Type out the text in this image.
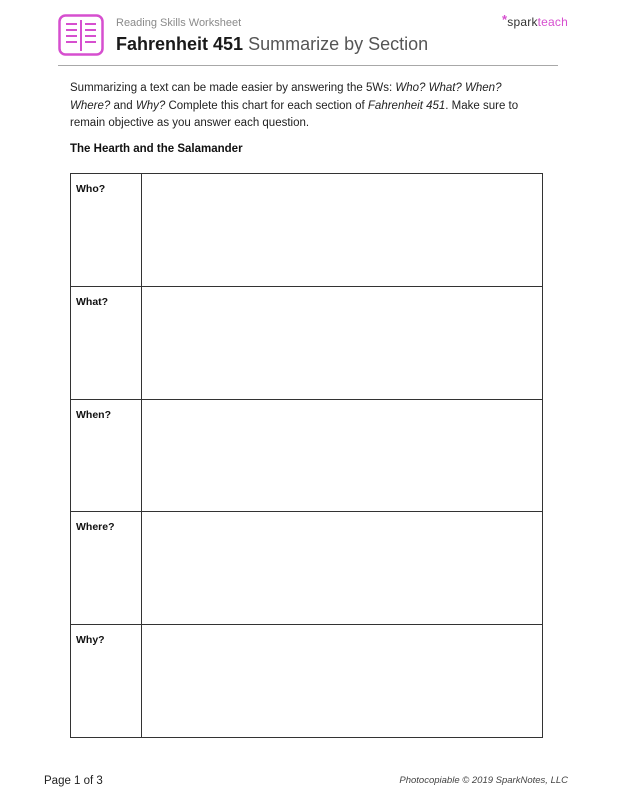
Reading Skills Worksheet
Fahrenheit 451 Summarize by Section
*sparkteach
Summarizing a text can be made easier by answering the 5Ws: Who? What? When? Where? and Why? Complete this chart for each section of Fahrenheit 451. Make sure to remain objective as you answer each question.
The Hearth and the Salamander
Who?	
What?	
When?	
Where?	
Why?	
Page 1 of 3	Photocopiable © 2019 SparkNotes, LLC
